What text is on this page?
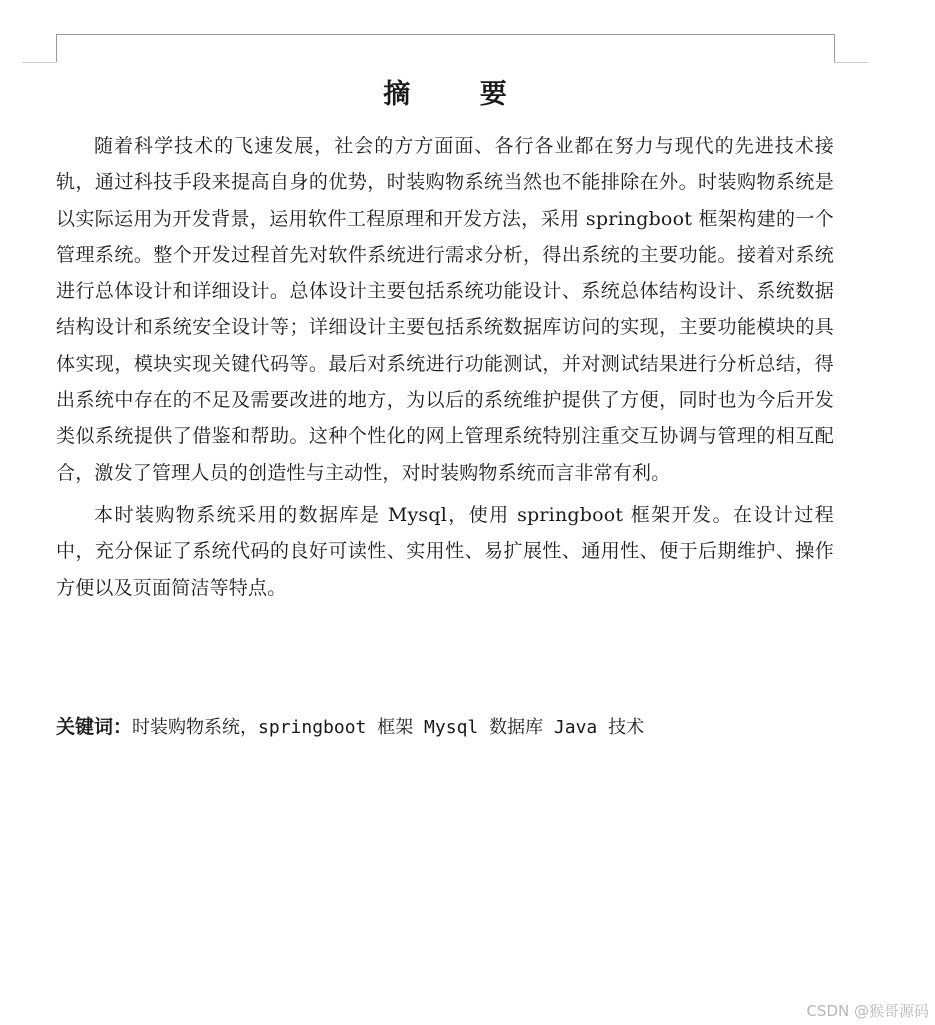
摘 要

随着科学技术的飞速发展，社会的方方面面、各行各业都在努力与现代的先进技术接轨，通过科技手段来提高自身的优势，时装购物系统当然也不能排除在外。时装购物系统是以实际运用为开发背景，运用软件工程原理和开发方法，采用 springboot 框架构建的一个管理系统。整个开发过程首先对软件系统进行需求分析，得出系统的主要功能。接着对系统进行总体设计和详细设计。总体设计主要包括系统功能设计、系统总体结构设计、系统数据结构设计和系统安全设计等；详细设计主要包括系统数据库访问的实现，主要功能模块的具体实现，模块实现关键代码等。最后对系统进行功能测试，并对测试结果进行分析总结，得出系统中存在的不足及需要改进的地方，为以后的系统维护提供了方便，同时也为今后开发类似系统提供了借鉴和帮助。这种个性化的网上管理系统特别注重交互协调与管理的相互配合，激发了管理人员的创造性与主动性，对时装购物系统而言非常有利。

本时装购物系统采用的数据库是 Mysql，使用 springboot 框架开发。在设计过程中，充分保证了系统代码的良好可读性、实用性、易扩展性、通用性、便于后期维护、操作方便以及页面简洁等特点。

关键词：时装购物系统，springboot 框架 Mysql 数据库 Java 技术
CSDN @猴哥源码
